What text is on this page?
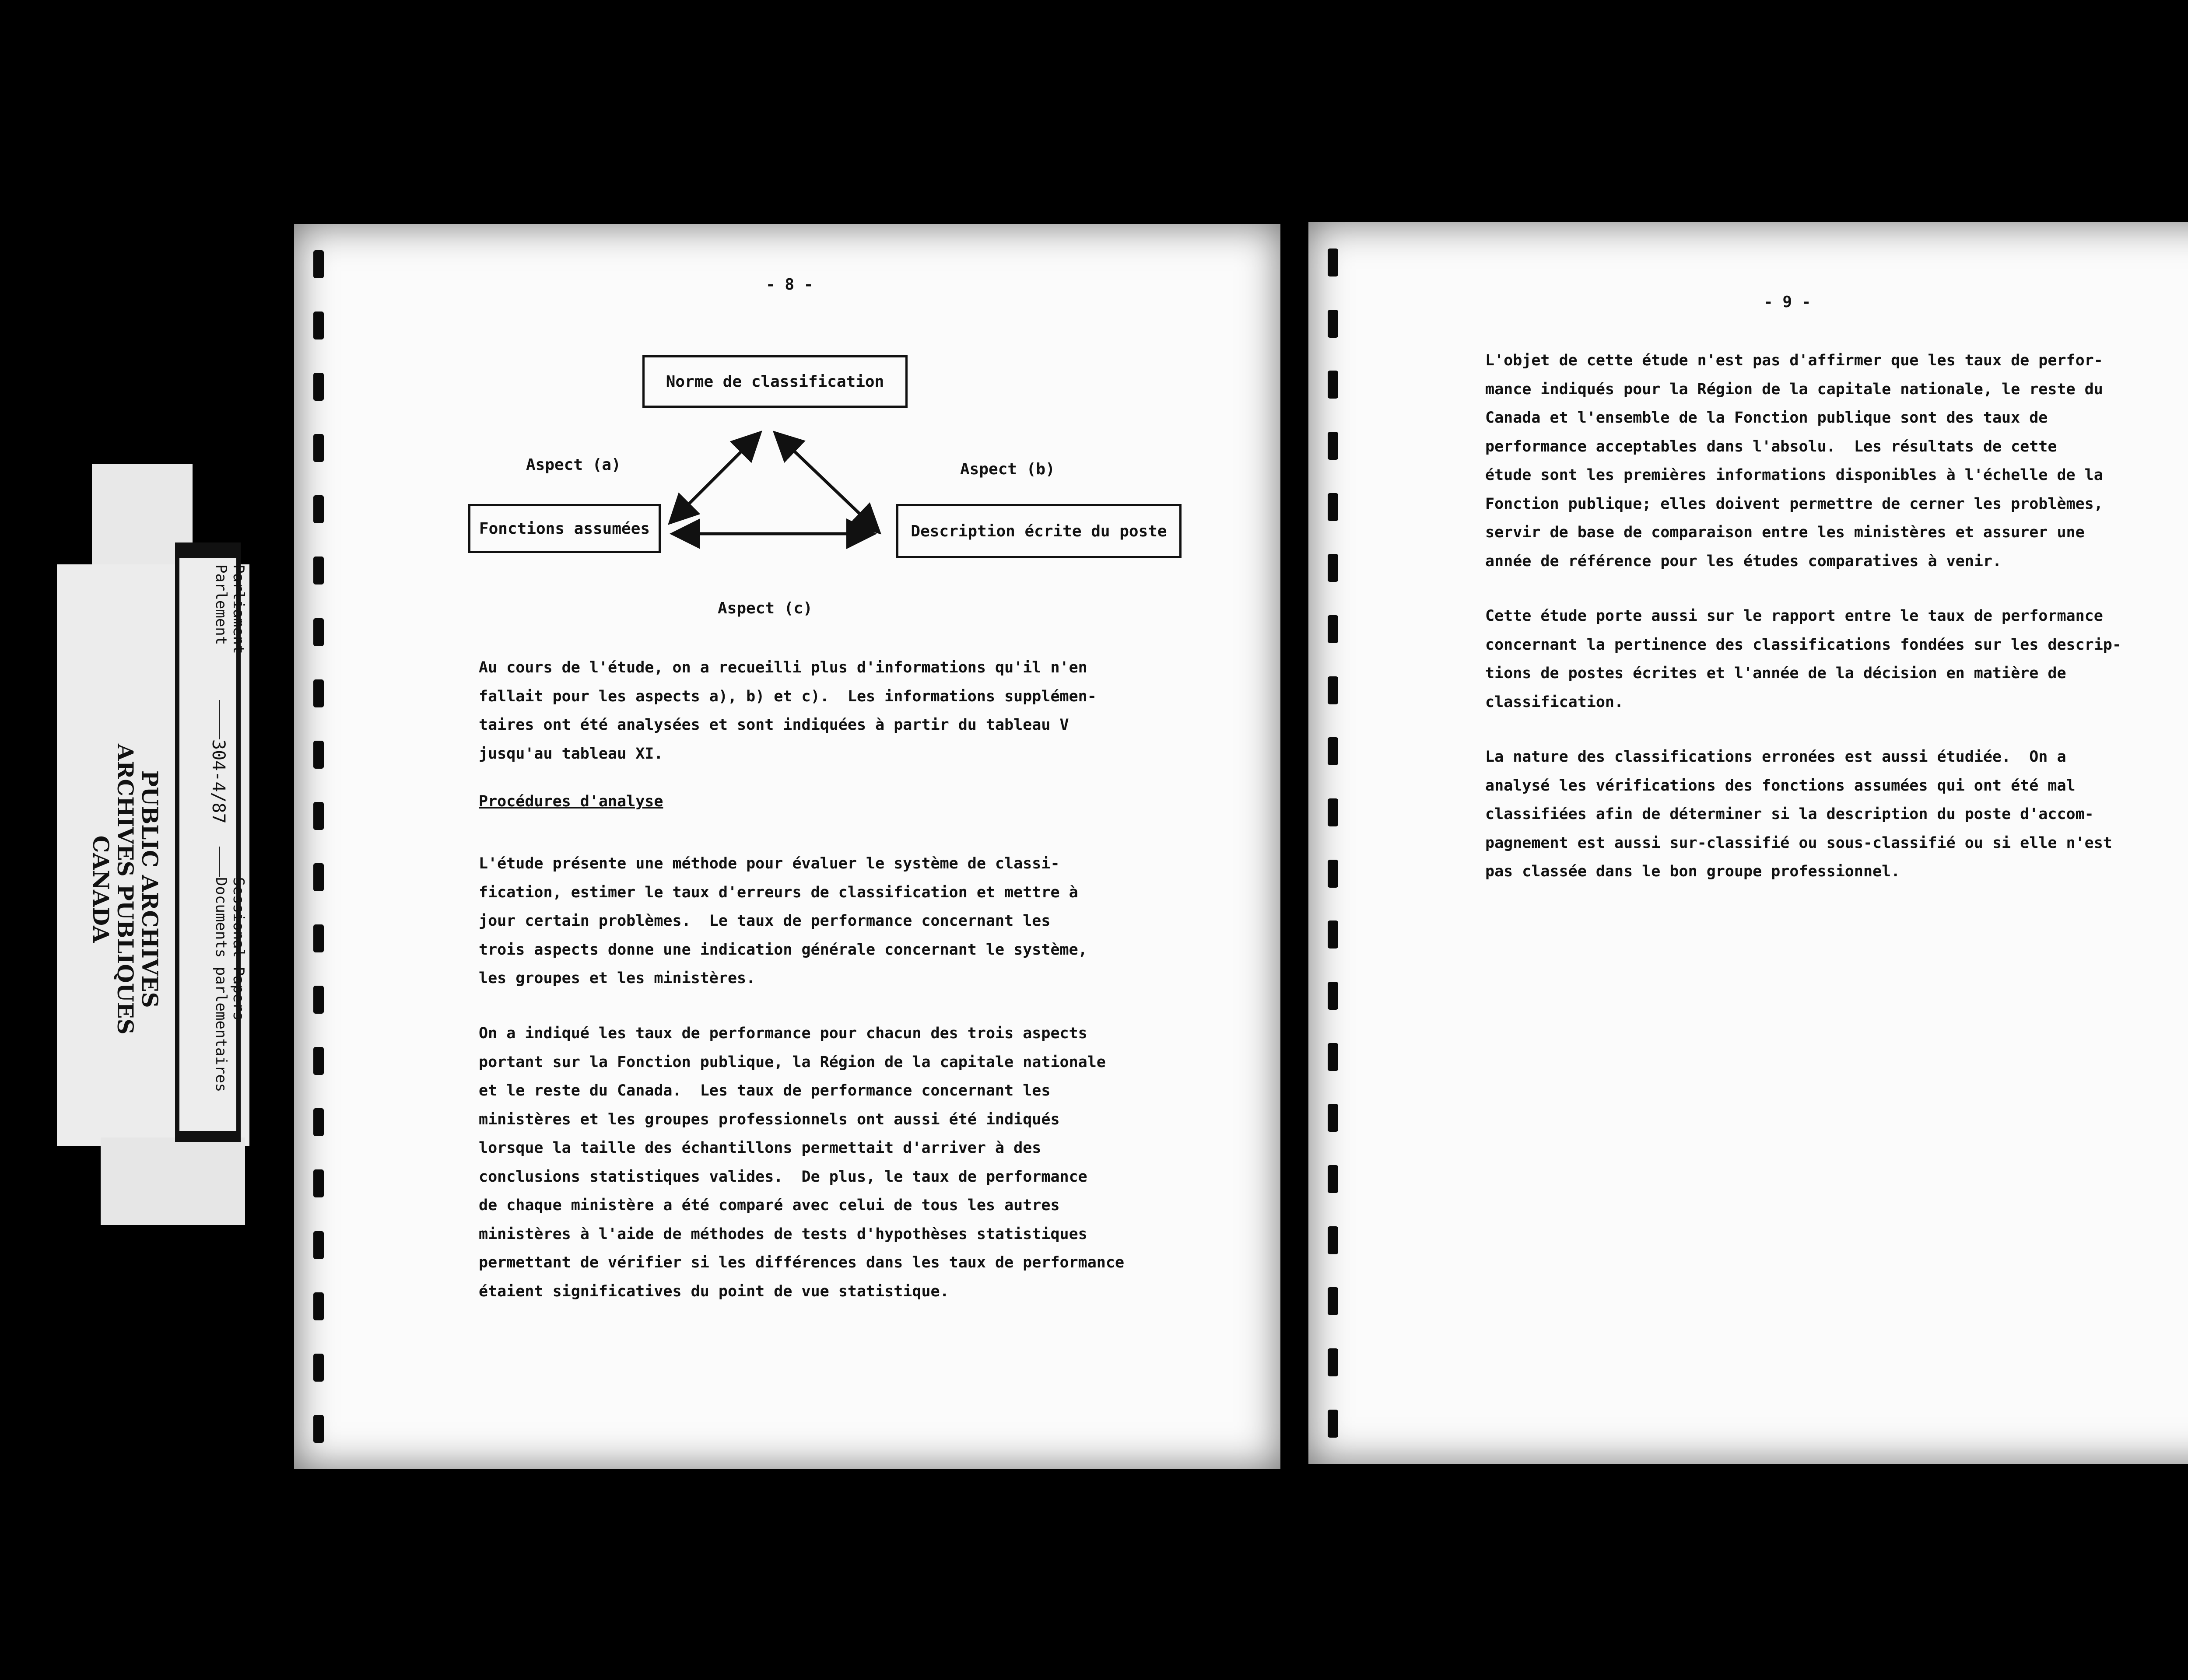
PUBLIC ARCHIVES
ARCHIVES PUBLIQUES
CANADA
Parliament
Parlement
304-4/87
Sessional Papers
Documents parlementaires
- 8 -
Norme de classification
Aspect (a)	Aspect (b)
Fonctions assumées	Description écrite du poste
Aspect (c)

Au cours de l'étude, on a recueilli plus d'informations qu'il n'en
fallait pour les aspects a), b) et c).  Les informations supplémen-
taires ont été analysées et sont indiquées à partir du tableau V
jusqu'au tableau XI.

Procédures d'analyse

L'étude présente une méthode pour évaluer le système de classi-
fication, estimer le taux d'erreurs de classification et mettre à
jour certain problèmes.  Le taux de performance concernant les
trois aspects donne une indication générale concernant le système,
les groupes et les ministères.

On a indiqué les taux de performance pour chacun des trois aspects
portant sur la Fonction publique, la Région de la capitale nationale
et le reste du Canada.  Les taux de performance concernant les
ministères et les groupes professionnels ont aussi été indiqués
lorsque la taille des échantillons permettait d'arriver à des
conclusions statistiques valides.  De plus, le taux de performance
de chaque ministère a été comparé avec celui de tous les autres
ministères à l'aide de méthodes de tests d'hypothèses statistiques
permettant de vérifier si les différences dans les taux de performance
étaient significatives du point de vue statistique.

- 9 -

L'objet de cette étude n'est pas d'affirmer que les taux de perfor-
mance indiqués pour la Région de la capitale nationale, le reste du
Canada et l'ensemble de la Fonction publique sont des taux de
performance acceptables dans l'absolu.  Les résultats de cette
étude sont les premières informations disponibles à l'échelle de la
Fonction publique; elles doivent permettre de cerner les problèmes,
servir de base de comparaison entre les ministères et assurer une
année de référence pour les études comparatives à venir.

Cette étude porte aussi sur le rapport entre le taux de performance
concernant la pertinence des classifications fondées sur les descrip-
tions de postes écrites et l'année de la décision en matière de
classification.

La nature des classifications erronées est aussi étudiée.  On a
analysé les vérifications des fonctions assumées qui ont été mal
classifiées afin de déterminer si la description du poste d'accom-
pagnement est aussi sur-classifié ou sous-classifié ou si elle n'est
pas classée dans le bon groupe professionnel.
